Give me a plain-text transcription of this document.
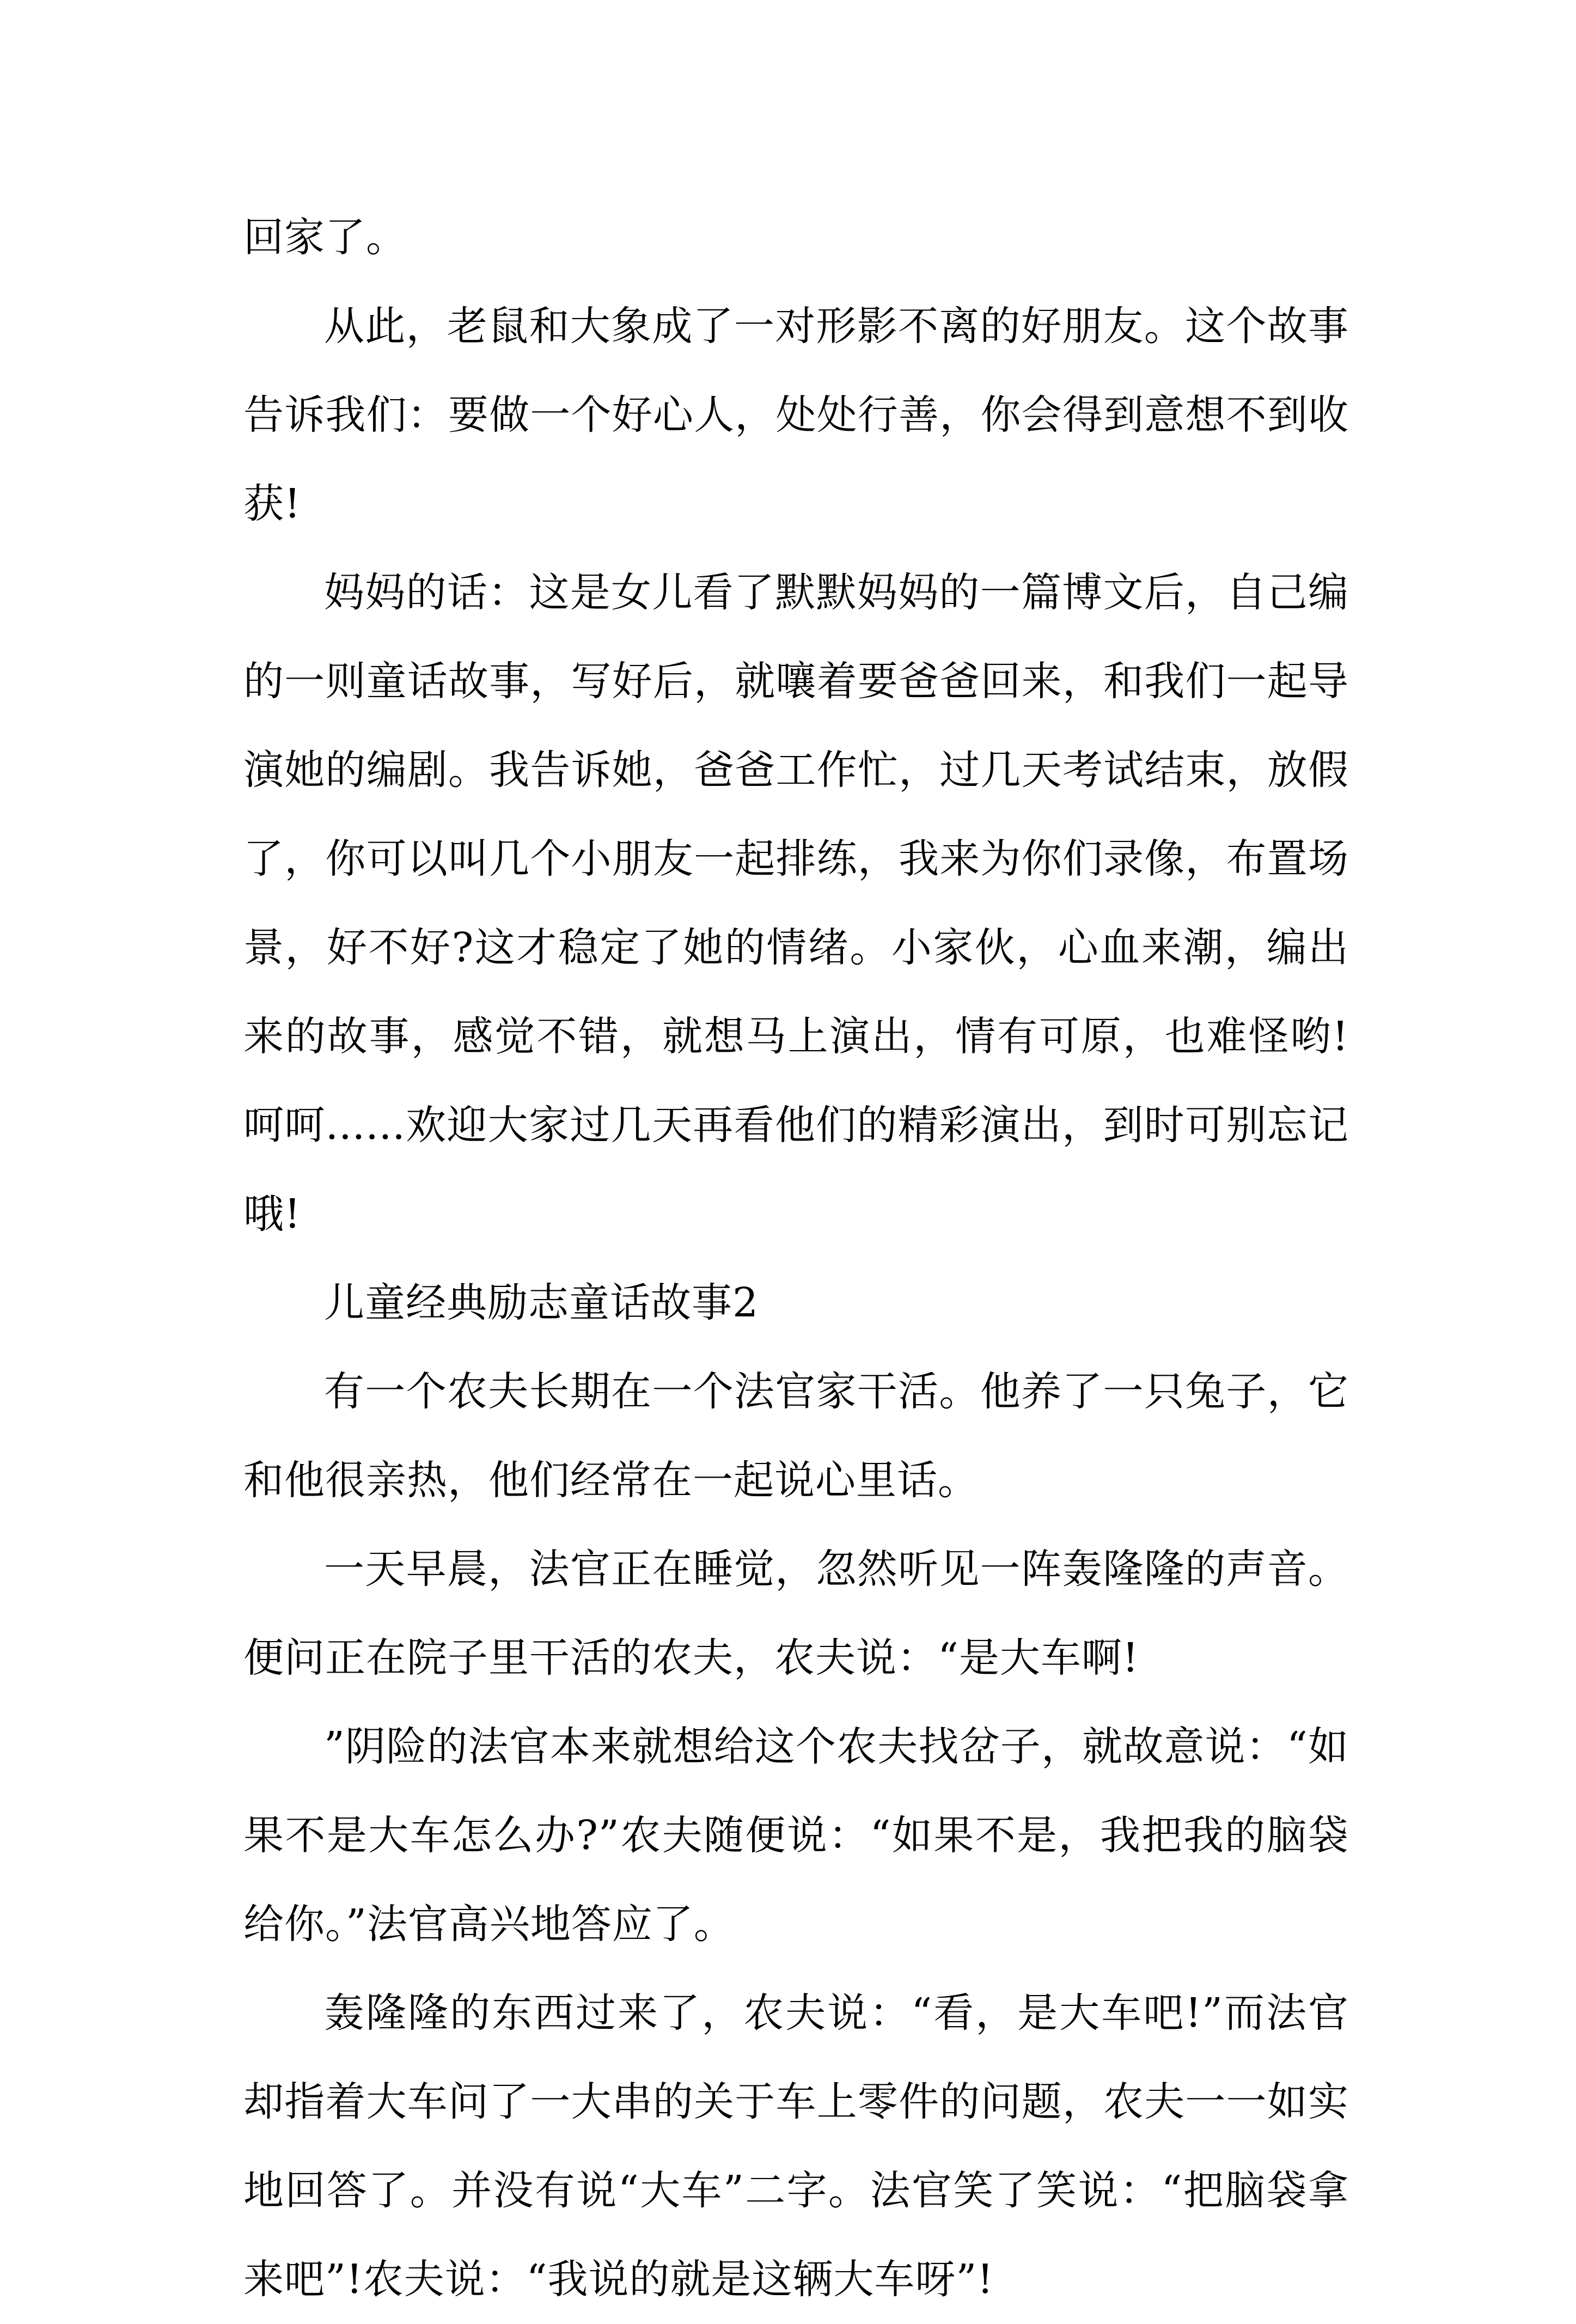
回家了。

从此，老鼠和大象成了一对形影不离的好朋友。这个故事告诉我们：要做一个好心人，处处行善，你会得到意想不到收获!

妈妈的话：这是女儿看了默默妈妈的一篇博文后，自己编的一则童话故事，写好后，就嚷着要爸爸回来，和我们一起导演她的编剧。我告诉她，爸爸工作忙，过几天考试结束，放假了，你可以叫几个小朋友一起排练，我来为你们录像，布置场景，好不好?这才稳定了她的情绪。小家伙，心血来潮，编出来的故事，感觉不错，就想马上演出，情有可原，也难怪哟!呵呵......欢迎大家过几天再看他们的精彩演出，到时可别忘记哦!

儿童经典励志童话故事2

有一个农夫长期在一个法官家干活。他养了一只兔子，它和他很亲热，他们经常在一起说心里话。

一天早晨，法官正在睡觉，忽然听见一阵轰隆隆的声音。便问正在院子里干活的农夫，农夫说：“是大车啊!

”阴险的法官本来就想给这个农夫找岔子，就故意说：“如果不是大车怎么办?”农夫随便说：“如果不是，我把我的脑袋给你。”法官高兴地答应了。

轰隆隆的东西过来了，农夫说：“看，是大车吧!”而法官却指着大车问了一大串的关于车上零件的问题，农夫一一如实地回答了。并没有说“大车”二字。法官笑了笑说：“把脑袋拿来吧”!农夫说：“我说的就是这辆大车呀”!
